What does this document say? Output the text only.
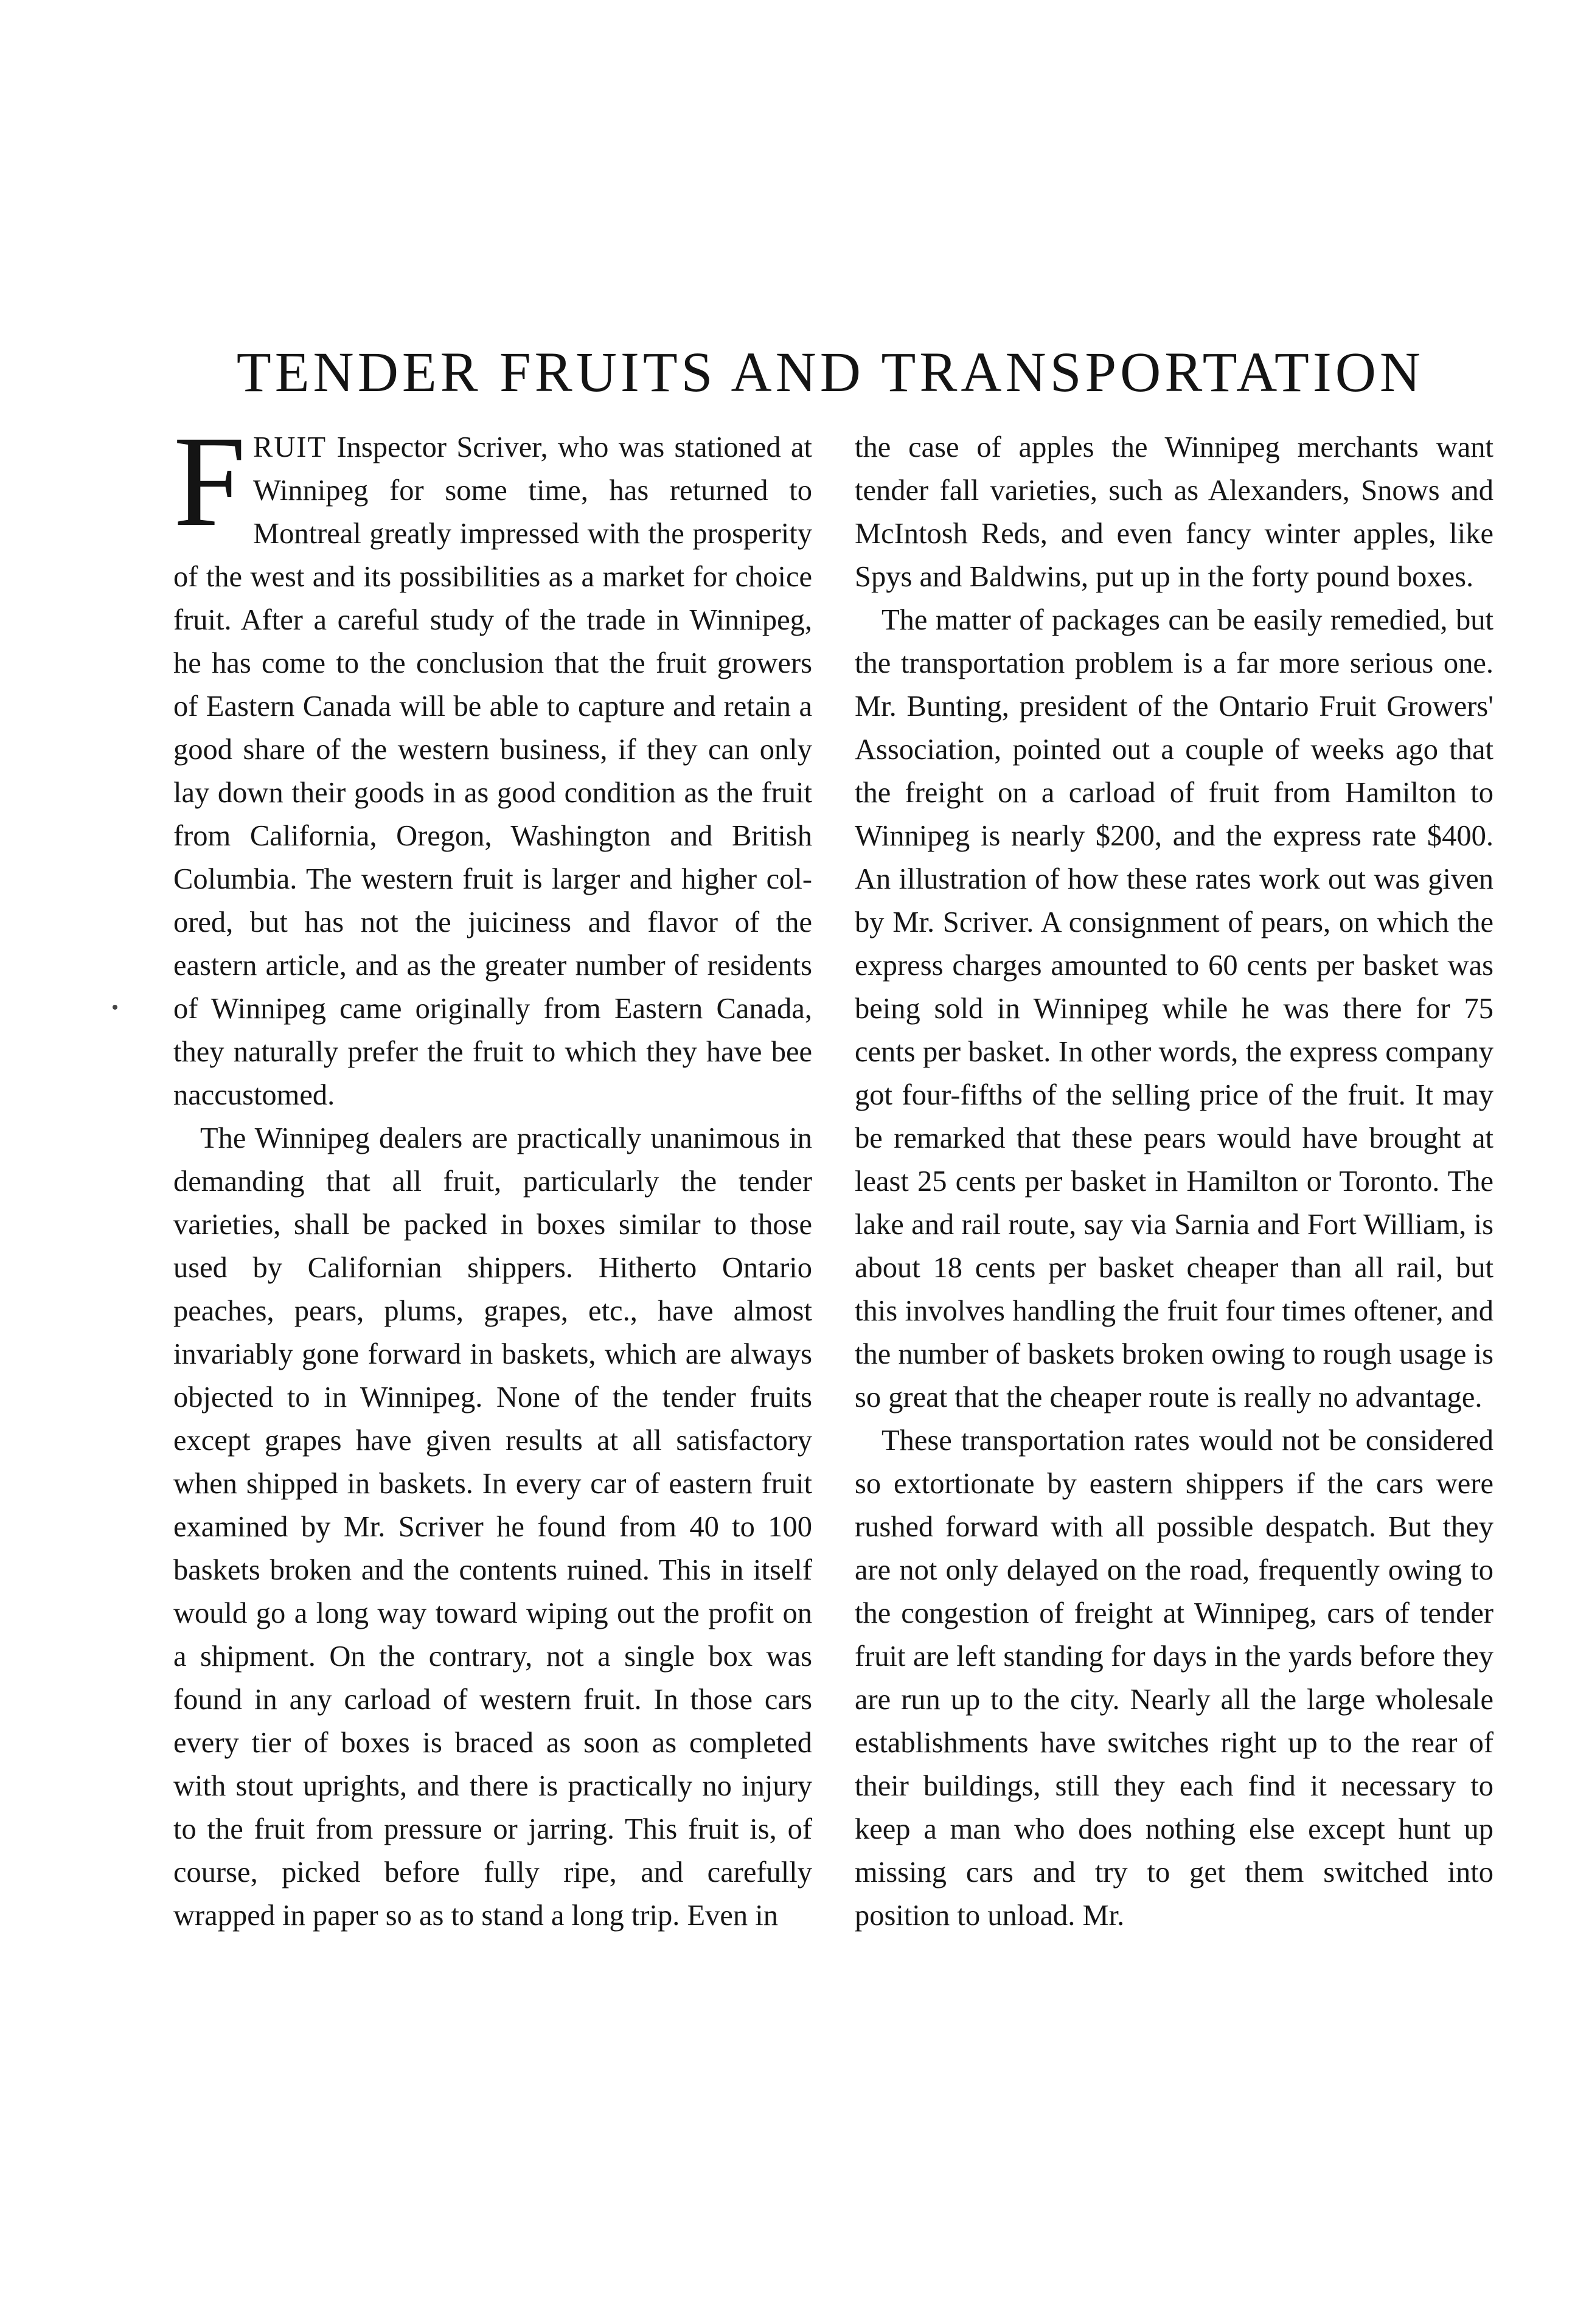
TENDER FRUITS AND TRANSPORTATION

FRUIT Inspector Scriver, who was stationed at Winnipeg for some time, has returned to Montreal greatly impressed with the prosperity of the west and its possibilities as a market for choice fruit. After a careful study of the trade in Winnipeg, he has come to the conclusion that the fruit growers of Eastern Canada will be able to capture and retain a good share of the western business, if they can only lay down their goods in as good condition as the fruit from California, Oregon, Washington and British Columbia. The western fruit is larger and higher colored, but has not the juiciness and flavor of the eastern article, and as the greater number of residents of Winnipeg came originally from Eastern Canada, they naturally prefer the fruit to which they have bee naccustomed.

The Winnipeg dealers are practically unanimous in demanding that all fruit, particularly the tender varieties, shall be packed in boxes similar to those used by Californian shippers. Hitherto Ontario peaches, pears, plums, grapes, etc., have almost invariably gone forward in baskets, which are always objected to in Winnipeg. None of the tender fruits except grapes have given results at all satisfactory when shipped in baskets. In every car of eastern fruit examined by Mr. Scriver he found from 40 to 100 baskets broken and the contents ruined. This in itself would go a long way toward wiping out the profit on a shipment. On the contrary, not a single box was found in any carload of western fruit. In those cars every tier of boxes is braced as soon as completed with stout uprights, and there is practically no injury to the fruit from pressure or jarring. This fruit is, of course, picked before fully ripe, and carefully wrapped in paper so as to stand a long trip. Even in

the case of apples the Winnipeg merchants want tender fall varieties, such as Alexanders, Snows and McIntosh Reds, and even fancy winter apples, like Spys and Baldwins, put up in the forty pound boxes.

The matter of packages can be easily remedied, but the transportation problem is a far more serious one. Mr. Bunting, president of the Ontario Fruit Growers' Association, pointed out a couple of weeks ago that the freight on a carload of fruit from Hamilton to Winnipeg is nearly $200, and the express rate $400. An illustration of how these rates work out was given by Mr. Scriver. A consignment of pears, on which the express charges amounted to 60 cents per basket was being sold in Winnipeg while he was there for 75 cents per basket. In other words, the express company got four-fifths of the selling price of the fruit. It may be remarked that these pears would have brought at least 25 cents per basket in Hamilton or Toronto. The lake and rail route, say via Sarnia and Fort William, is about 18 cents per basket cheaper than all rail, but this involves handling the fruit four times oftener, and the number of baskets broken owing to rough usage is so great that the cheaper route is really no advantage.

These transportation rates would not be considered so extortionate by eastern shippers if the cars were rushed forward with all possible despatch. But they are not only delayed on the road, frequently owing to the congestion of freight at Winnipeg, cars of tender fruit are left standing for days in the yards before they are run up to the city. Nearly all the large wholesale establishments have switches right up to the rear of their buildings, still they each find it necessary to keep a man who does nothing else except hunt up missing cars and try to get them switched into position to unload. Mr.
